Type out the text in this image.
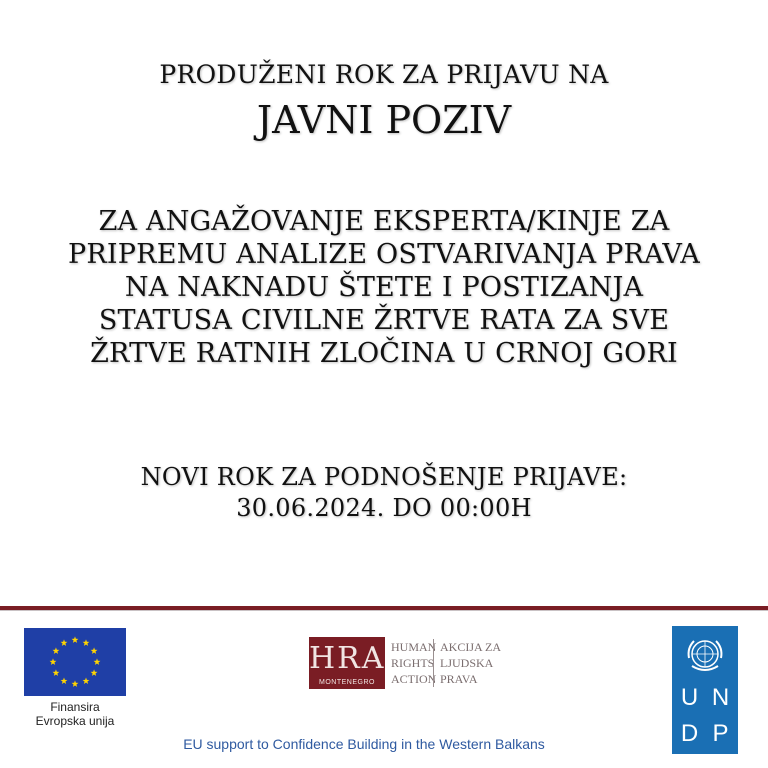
PRODUŽENI ROK ZA PRIJAVU NA
JAVNI POZIV
ZA ANGAŽOVANJE EKSPERTA/KINJE ZA
PRIPREMU ANALIZE OSTVARIVANJA PRAVA
NA NAKNADU ŠTETE I POSTIZANJA
STATUSA CIVILNE ŽRTVE RATA ZA SVE
ŽRTVE RATNIH ZLOČINA U CRNOJ GORI
NOVI ROK ZA PODNOŠENJE PRIJAVE:
30.06.2024. DO 00:00H
Finansira
Evropska unija
HRA
MONTENEGRO
HUMAN
RIGHTS
ACTION
AKCIJA ZA
LJUDSKA
PRAVA
U N
D P
EU support to Confidence Building in the Western Balkans
